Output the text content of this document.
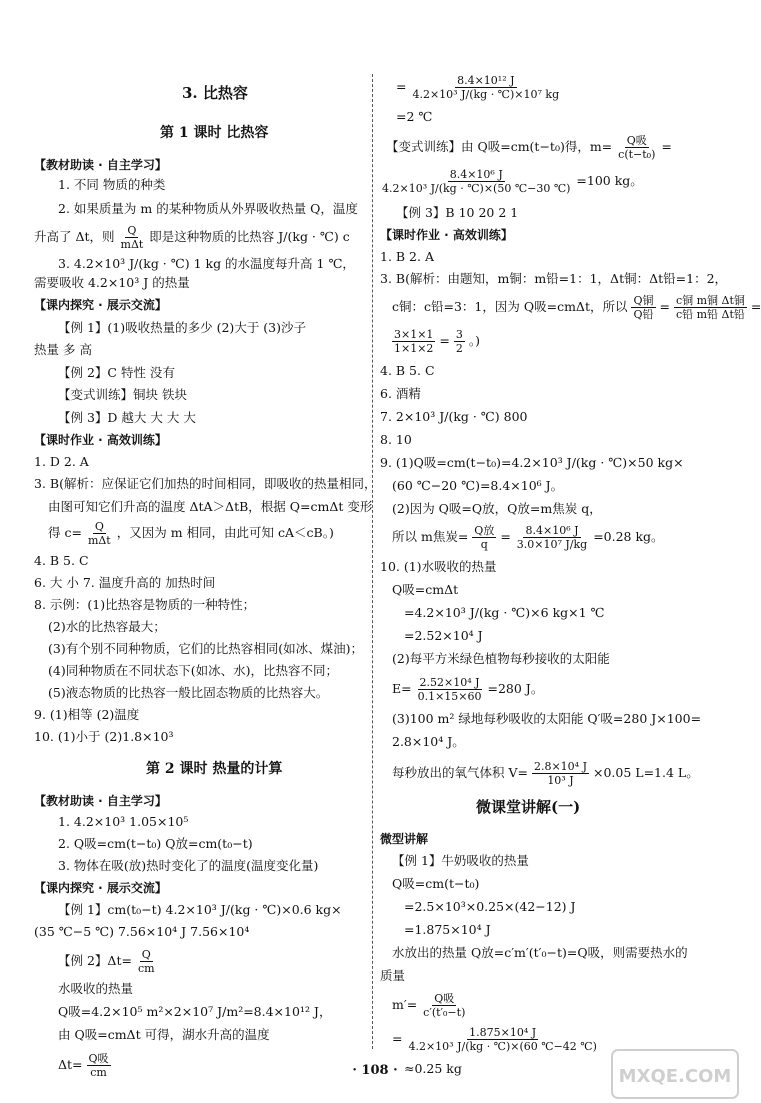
3. 比热容
第 1 课时 比热容
【教材助读 · 自主学习】
1. 不同 物质的种类
2. 如果质量为 m 的某种物质从外界吸收热量 Q，温度
升高了 Δt，则 $\frac{Q}{\text{mΔt}}$ 即是这种物质的比热容 J/(kg · ℃) c
3. 4.2×10³ J/(kg · ℃) 1 kg 的水温度每升高 1 ℃，
需要吸收 4.2×10³ J 的热量
【课内探究 · 展示交流】
【例 1】(1)吸收热量的多少 (2)大于 (3)沙子
热量 多 高
【例 2】C 特性 没有
【变式训练】铜块 铁块
【例 3】D 越大 大 大 大
【课时作业 · 高效训练】
1. D 2. A
3. B(解析：应保证它们加热的时间相同，即吸收的热量相同，
由图可知它们升高的温度 ΔtA＞ΔtB，根据 Q=cmΔt 变形
得 $c= \frac{Q}{\text{mΔt}}$ ，又因为 m 相同，由此可知 cA＜cB。)
4. B 5. C
6. 大 小 7. 温度升高的 加热时间
8. 示例：(1)比热容是物质的一种特性；
(2)水的比热容最大；
(3)有个别不同种物质，它们的比热容相同(如冰、煤油)；
(4)同种物质在不同状态下(如冰、水)，比热容不同；
(5)液态物质的比热容一般比固态物质的比热容大。
9. (1)相等 (2)温度
10. (1)小于 (2)1.8×10³
第 2 课时 热量的计算
【教材助读 · 自主学习】
1. 4.2×10³ 1.05×10⁵
2. Q吸=cm(t−t₀) Q放=cm(t₀−t)
3. 物体在吸(放)热时变化了的温度(温度变化量)
【课内探究 · 展示交流】
【例 1】cm(t₀−t) 4.2×10³ J/(kg · ℃)×0.6 kg×
(35 ℃−5 ℃) 7.56×10⁴ J 7.56×10⁴
【例 2】$\Delta t= \frac{Q}{cm}$
水吸收的热量
Q吸=4.2×10⁵ m²×2×10⁷ J/m²=8.4×10¹² J，
由 Q吸=cmΔt 可得，湖水升高的温度
$\Delta t= \frac{\text{Q吸}}{cm}$
= $\frac{\text{8.4×10¹² J}}{\text{4.2×10³ J/(kg · ℃)×10⁷ kg}}$
=2 ℃
【变式训练】由 Q吸=cm(t−t₀)得，$m= \frac{\text{Q吸}}{\text{c(t−t₀)}}$ =
$\frac{\text{8.4×10⁶ J}}{\text{4.2×10³ J/(kg · ℃)×(50 ℃−30 ℃)}} =100$ kg。
【例 3】B 10 20 2 1
【课时作业 · 高效训练】
1. B 2. A
3. B(解析：由题知，m铜：m铅=1：1，Δt铜：Δt铅=1：2，
c铜：c铅=3：1，因为 Q吸=cmΔt，所以 $\frac{\text{Q铜}}{\text{Q铅}} = \frac{\text{c铜 m铜 Δt铜}}{\text{c铅 m铅 Δt铅}}$ =
$\frac{3\times 1\times 1}{1\times 1\times 2} = \frac{3}{2}$ 。)
4. B 5. C
6. 酒精
7. 2×10³ J/(kg · ℃) 800
8. 10
9. (1)Q吸=cm(t−t₀)=4.2×10³ J/(kg · ℃)×50 kg×
(60 ℃−20 ℃)=8.4×10⁶ J。
(2)因为 Q吸=Q放，Q放=m焦炭 q，
所以 m焦炭= $\frac{\text{Q放}}{q} = \frac{\text{8.4×10⁶ J}}{\text{3.0×10⁷ J/kg}} =0.28$ kg。
10. (1)水吸收的热量
Q吸=cmΔt
=4.2×10³ J/(kg · ℃)×6 kg×1 ℃
=2.52×10⁴ J
(2)每平方米绿色植物每秒接收的太阳能
$E= \frac{\text{2.52×10⁴ J}}{0.1\times 15\times 60} =280$ J。
(3)100 m² 绿地每秒吸收的太阳能 Q′吸=280 J×100=
2.8×10⁴ J。
每秒放出的氧气体积 $V= \frac{\text{2.8×10⁴ J}}{\text{10³ J}} \times 0.05$ L=1.4 L。
微课堂讲解(一)
微型讲解
【例 1】牛奶吸收的热量
Q吸=cm(t−t₀)
=2.5×10³×0.25×(42−12) J
=1.875×10⁴ J
水放出的热量 Q放=c′m′(t′₀−t)=Q吸，则需要热水的
质量
$m'= \frac{\text{Q吸}}{\text{c′(t′₀−t)}}$
= $\frac{\text{1.875×10⁴ J}}{\text{4.2×10³ J/(kg · ℃)×(60 ℃−42 ℃)}}$
≈0.25 kg
· 108 ·	MXQE.COM
